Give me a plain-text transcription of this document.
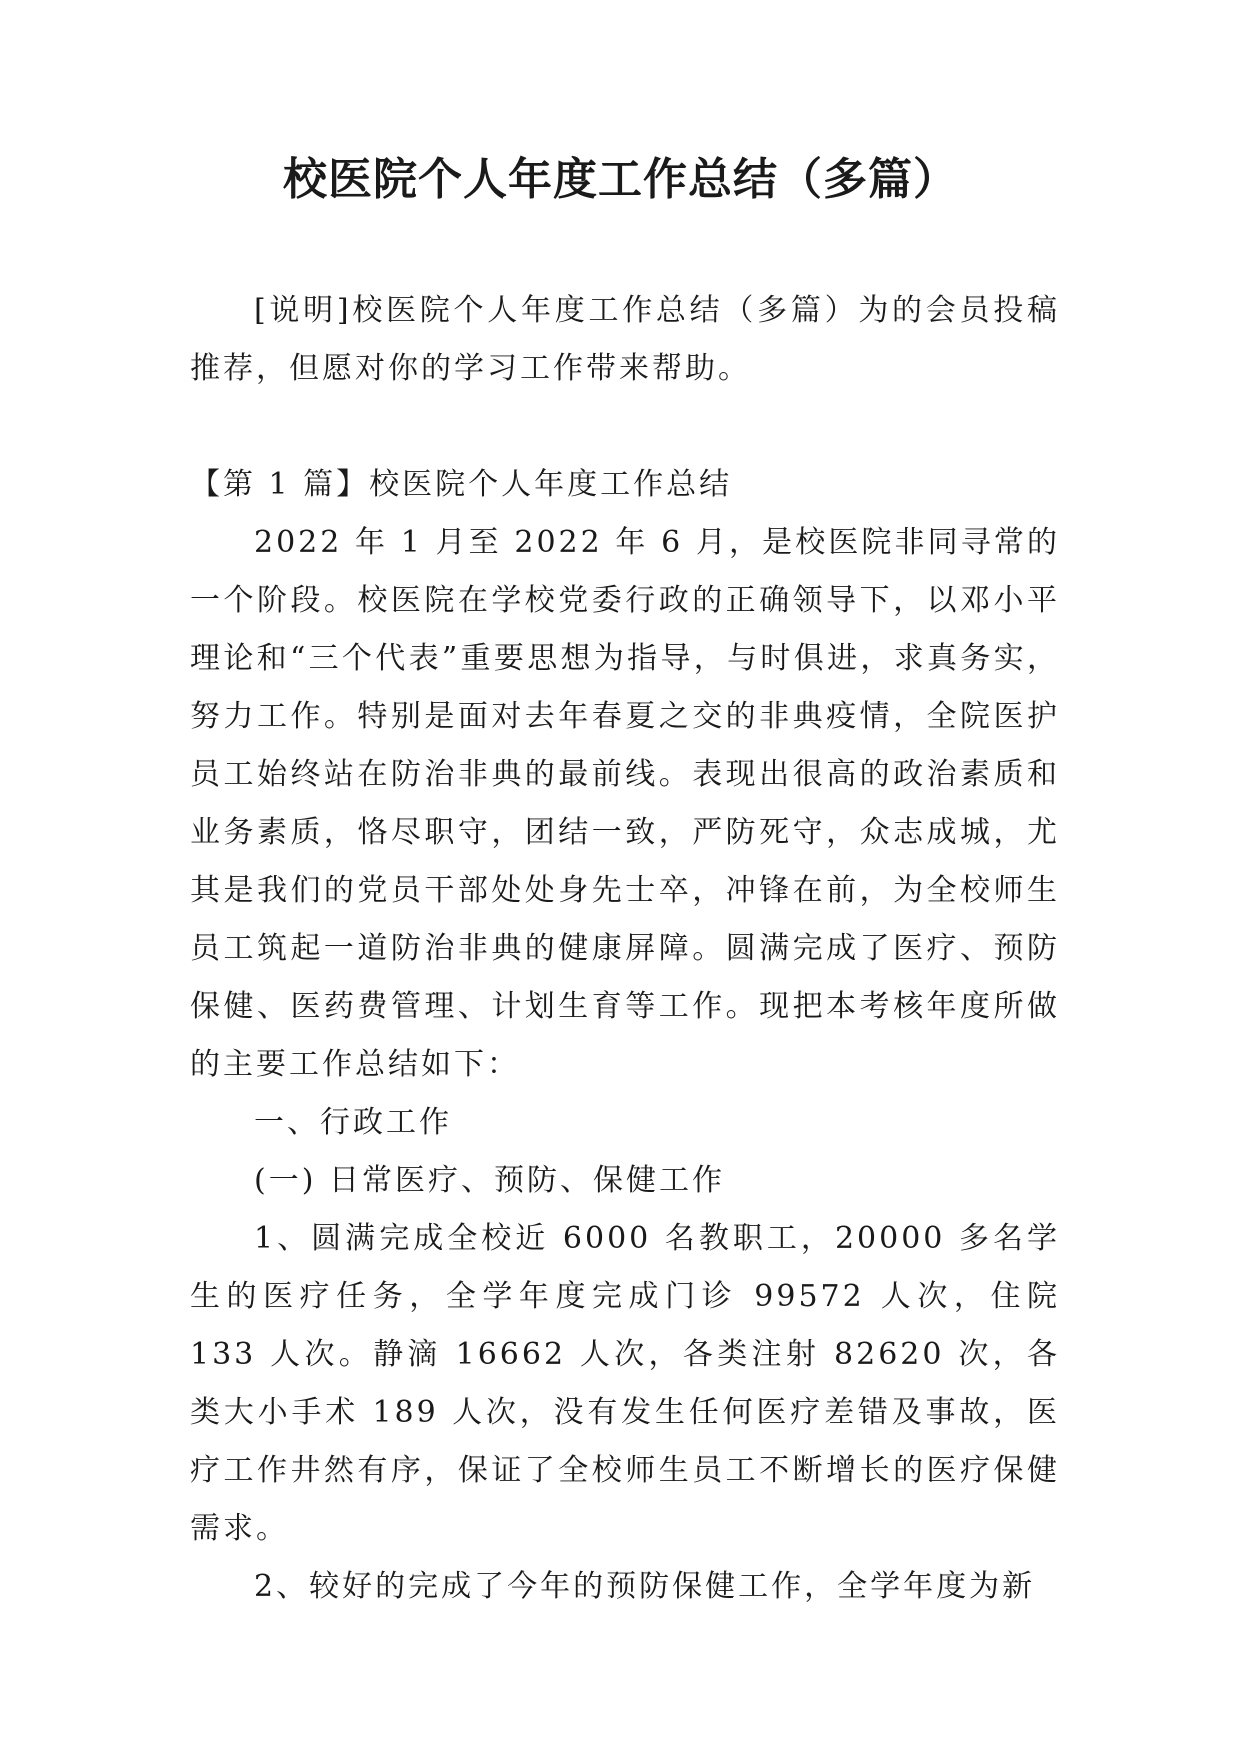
校医院个人年度工作总结（多篇）

[说明]校医院个人年度工作总结（多篇）为的会员投稿推荐，但愿对你的学习工作带来帮助。

【第 1 篇】校医院个人年度工作总结

2022 年 1 月至 2022 年 6 月，是校医院非同寻常的一个阶段。校医院在学校党委行政的正确领导下，以邓小平理论和“三个代表”重要思想为指导，与时俱进，求真务实，努力工作。特别是面对去年春夏之交的非典疫情，全院医护员工始终站在防治非典的最前线。表现出很高的政治素质和业务素质，恪尽职守，团结一致，严防死守，众志成城，尤其是我们的党员干部处处身先士卒，冲锋在前，为全校师生员工筑起一道防治非典的健康屏障。圆满完成了医疗、预防保健、医药费管理、计划生育等工作。现把本考核年度所做的主要工作总结如下：

一、行政工作

(一) 日常医疗、预防、保健工作

1、圆满完成全校近 6000 名教职工，20000 多名学生的医疗任务，全学年度完成门诊 99572 人次，住院 133 人次。静滴 16662 人次，各类注射 82620 次，各类大小手术 189 人次，没有发生任何医疗差错及事故，医疗工作井然有序，保证了全校师生员工不断增长的医疗保健需求。

2、较好的完成了今年的预防保健工作，全学年度为新
